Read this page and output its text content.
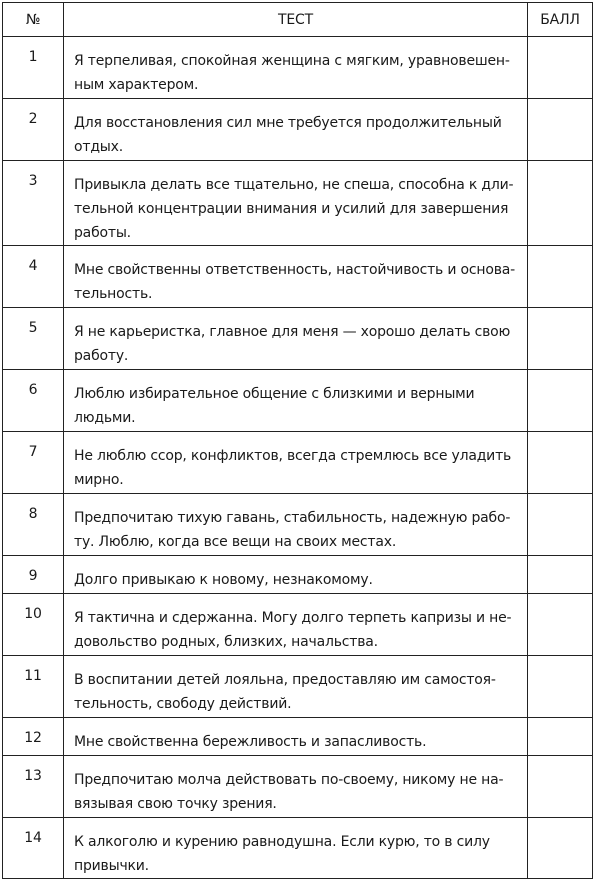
№	ТЕСТ	БАЛЛ
1	Я терпеливая, спокойная женщина с мягким, уравновешен-
ным характером.	

2	Для восстановления сил мне требуется продолжительный
отдых.	

3	Привыкла делать все тщательно, не спеша, способна к дли-
тельной концентрации внимания и усилий для завершения
работы.	

4	Мне свойственны ответственность, настойчивость и основа-
тельность.	

5	Я не карьеристка, главное для меня — хорошо делать свою
работу.	

6	Люблю избирательное общение с близкими и верными
людьми.	

7	Не люблю ссор, конфликтов, всегда стремлюсь все уладить
мирно.	

8	Предпочитаю тихую гавань, стабильность, надежную рабо-
ту. Люблю, когда все вещи на своих местах.	

9	Долго привыкаю к новому, незнакомому.	

10	Я тактична и сдержанна. Могу долго терпеть капризы и не-
довольство родных, близких, начальства.	

11	В воспитании детей лояльна, предоставляю им самостоя-
тельность, свободу действий.	

12	Мне свойственна бережливость и запасливость.	

13	Предпочитаю молча действовать по-своему, никому не на-
вязывая свою точку зрения.	

14	К алкоголю и курению равнодушна. Если курю, то в силу
привычки.	
